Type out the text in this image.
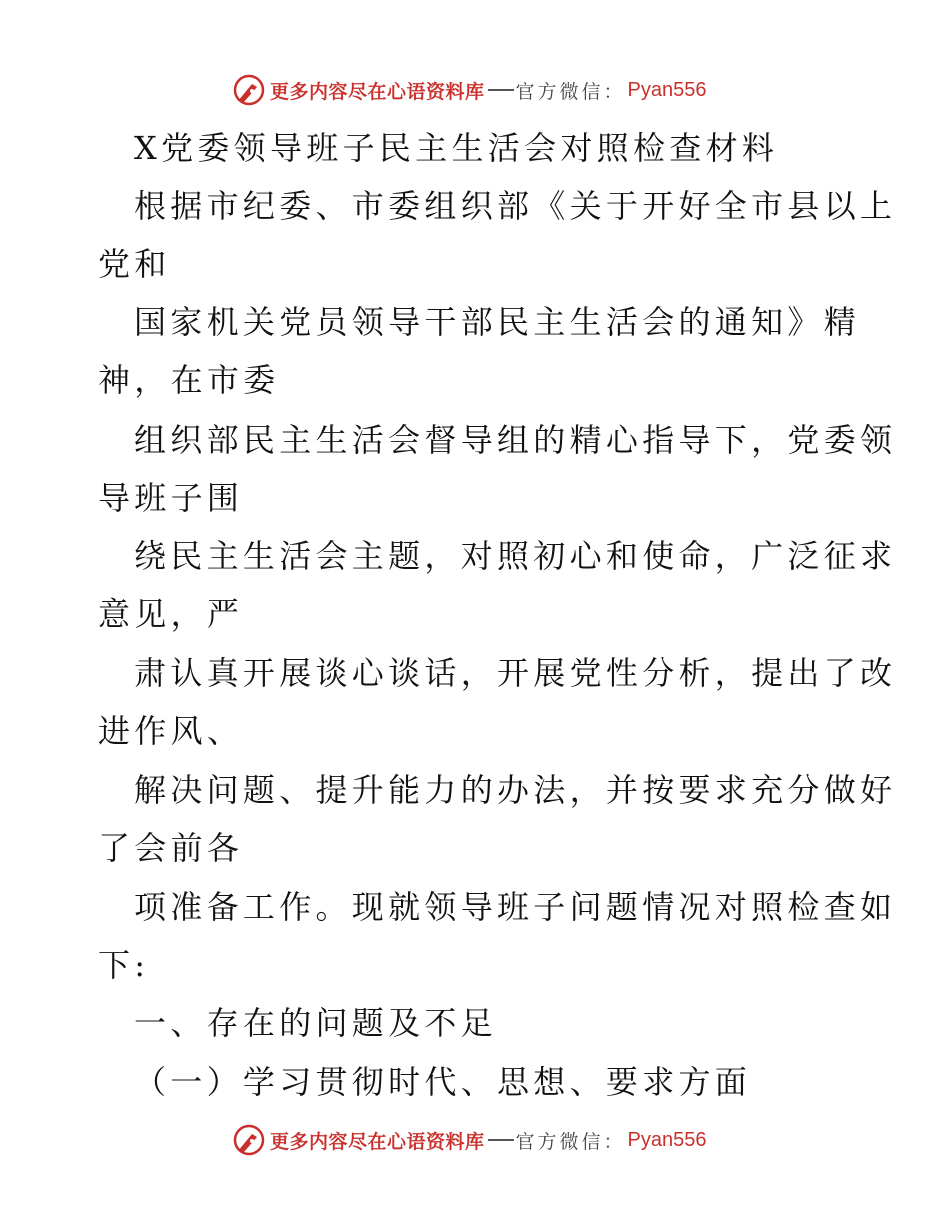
更多内容尽在心语资料库 官方微信： Pyan556

X党委领导班子民主生活会对照检查材料

根据市纪委、市委组织部《关于开好全市县以上

党和

国家机关党员领导干部民主生活会的通知》精

神，在市委

组织部民主生活会督导组的精心指导下，党委领

导班子围

绕民主生活会主题，对照初心和使命，广泛征求

意见，严

肃认真开展谈心谈话，开展党性分析，提出了改

进作风、

解决问题、提升能力的办法，并按要求充分做好

了会前各

项准备工作。现就领导班子问题情况对照检查如

下:

一、存在的问题及不足

（一）学习贯彻时代、思想、要求方面

更多内容尽在心语资料库 官方微信： Pyan556
